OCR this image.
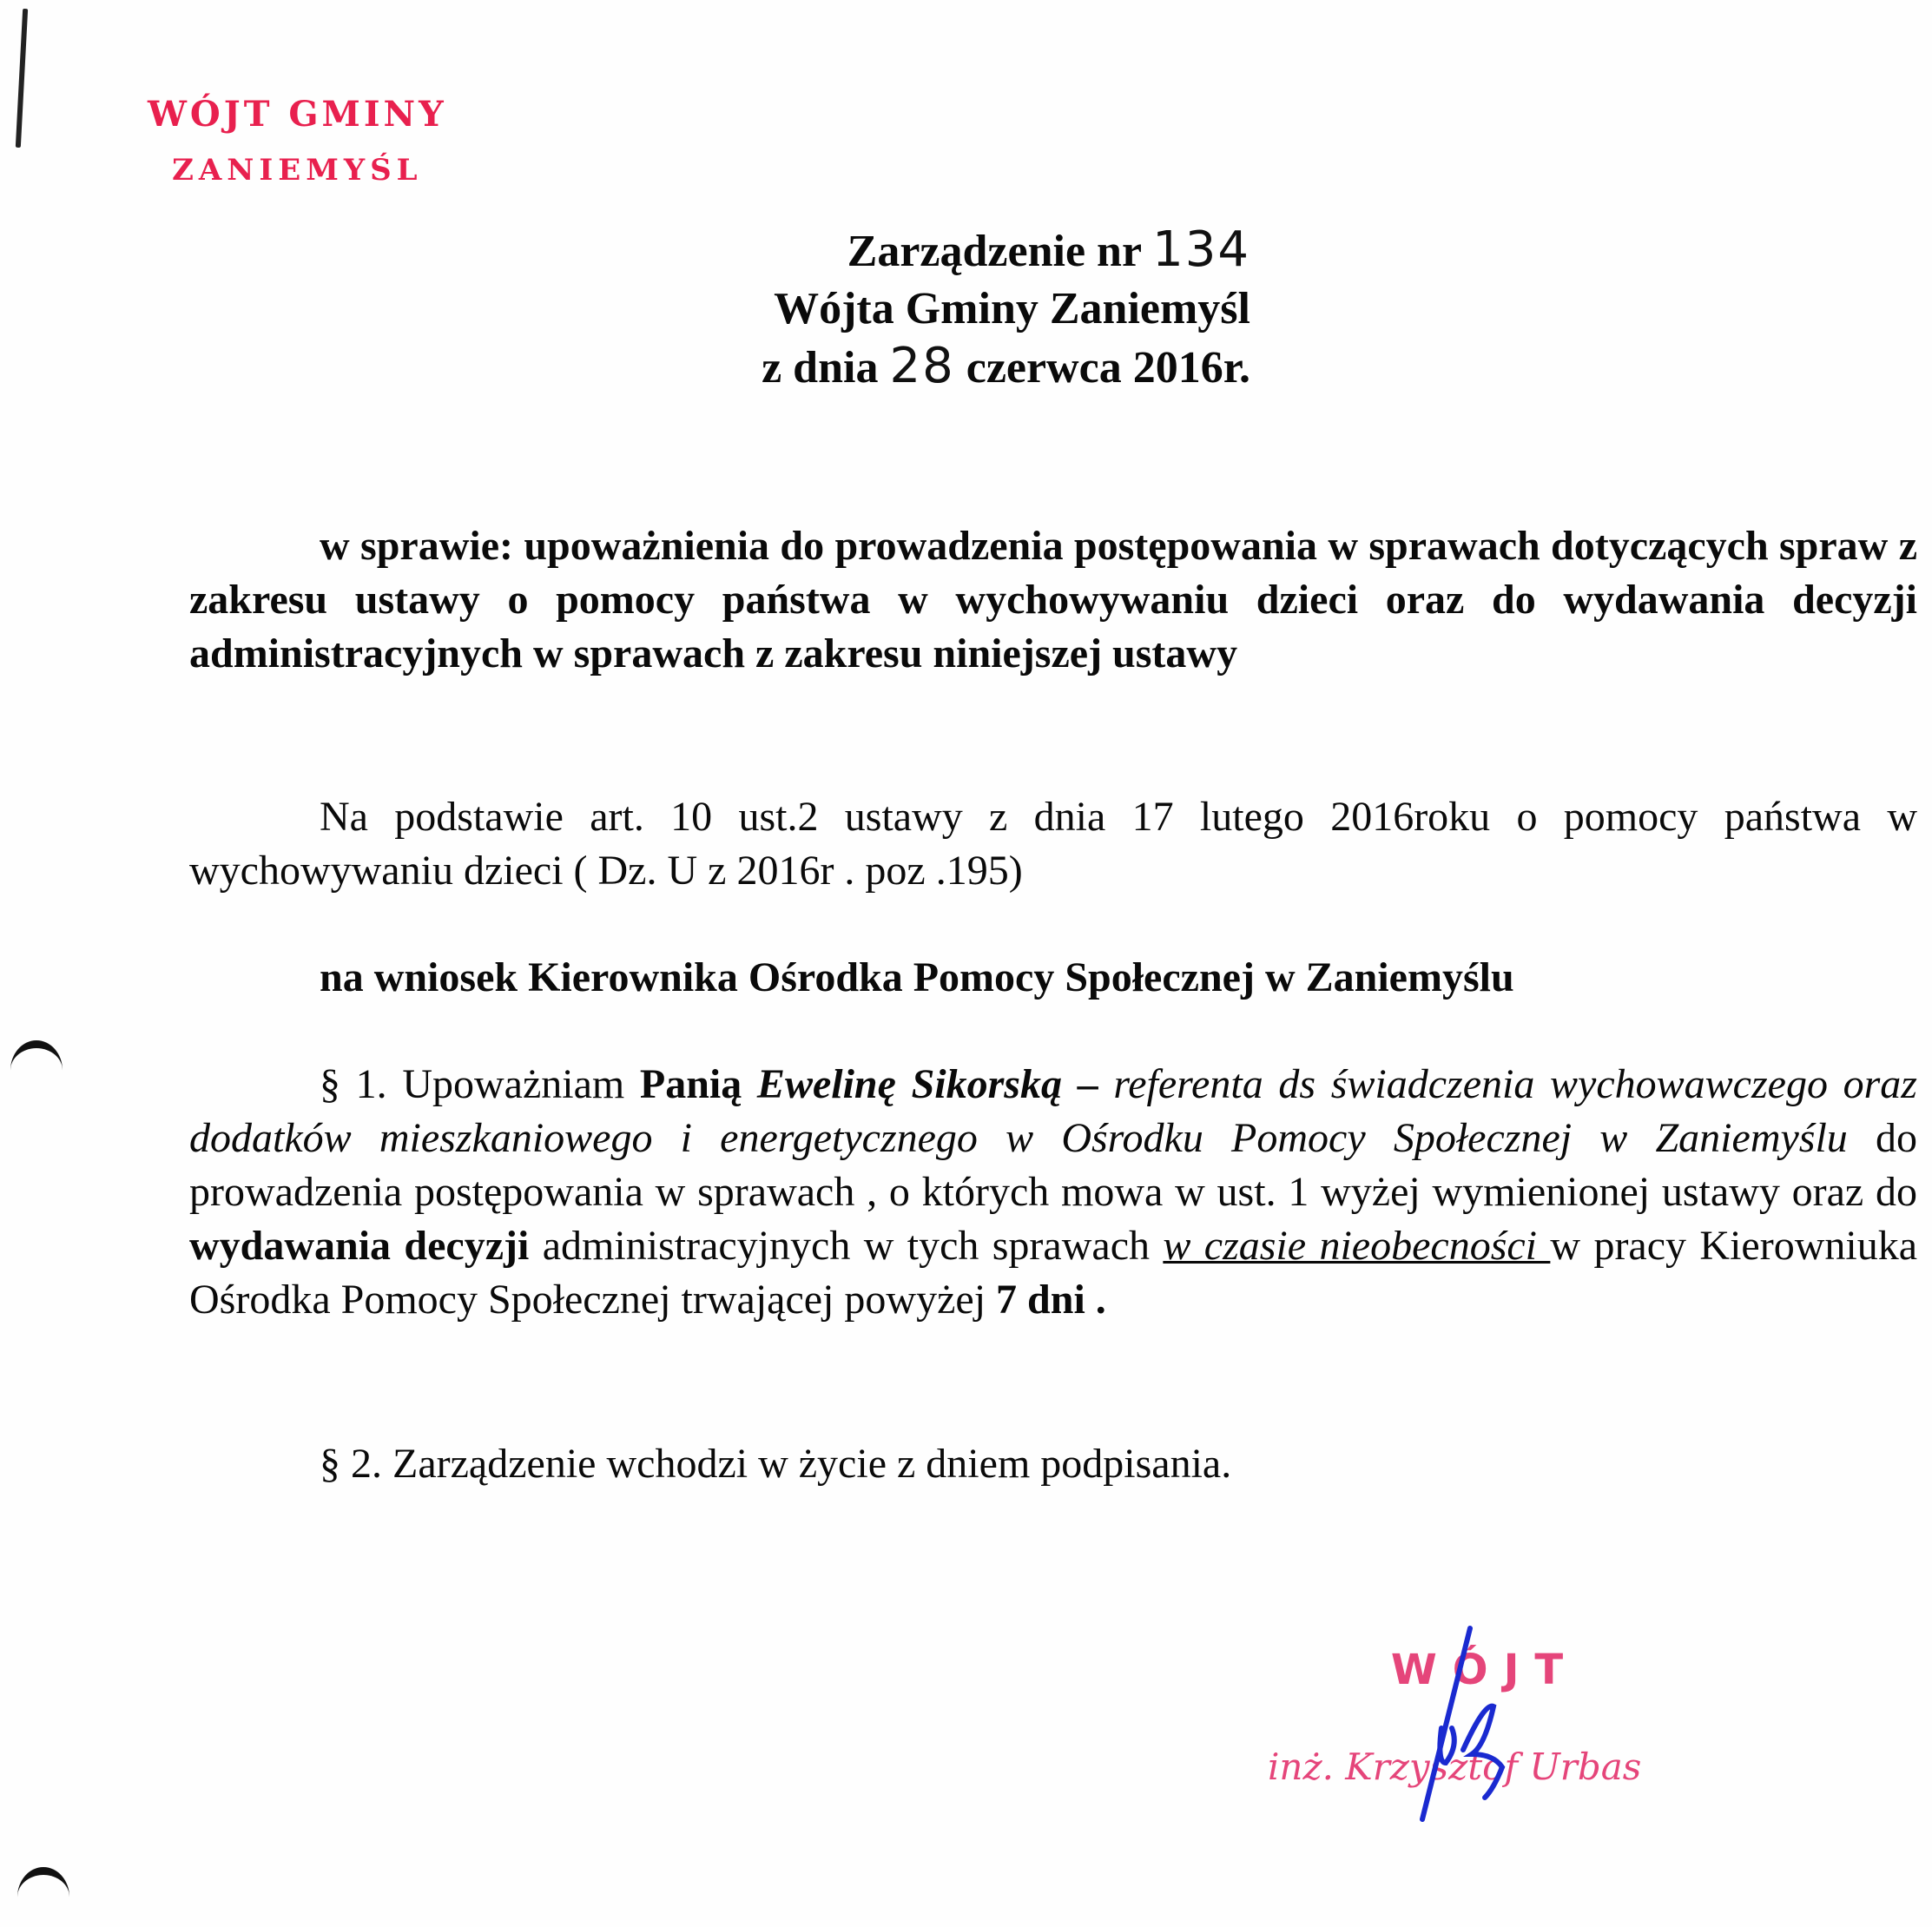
WÓJT GMINY
ZANIEMYŚL
Zarządzenie nr 134
Wójta Gminy Zaniemyśl
z dnia 28 czerwca 2016r.
w sprawie: upoważnienia do prowadzenia postępowania w sprawach dotyczących spraw z zakresu ustawy o pomocy państwa w wychowywaniu dzieci oraz do wydawania decyzji administracyjnych w sprawach z zakresu niniejszej ustawy
Na podstawie art. 10 ust.2 ustawy z dnia 17 lutego 2016roku o pomocy państwa w wychowywaniu dzieci ( Dz. U z 2016r . poz .195)
na wniosek Kierownika Ośrodka Pomocy Społecznej w Zaniemyślu
§ 1. Upoważniam Panią Ewelinę Sikorską – referenta ds świadczenia wychowawczego oraz dodatków mieszkaniowego i energetycznego w Ośrodku Pomocy Społecznej w Zaniemyślu do prowadzenia postępowania w sprawach , o których mowa w ust. 1 wyżej wymienionej ustawy oraz do wydawania decyzji administracyjnych w tych sprawach w czasie nieobecności w pracy Kierowniuka Ośrodka Pomocy Społecznej trwającej powyżej 7 dni .
§ 2. Zarządzenie wchodzi w życie z dniem podpisania.
WÓJT
inż. Krzysztof Urbas
